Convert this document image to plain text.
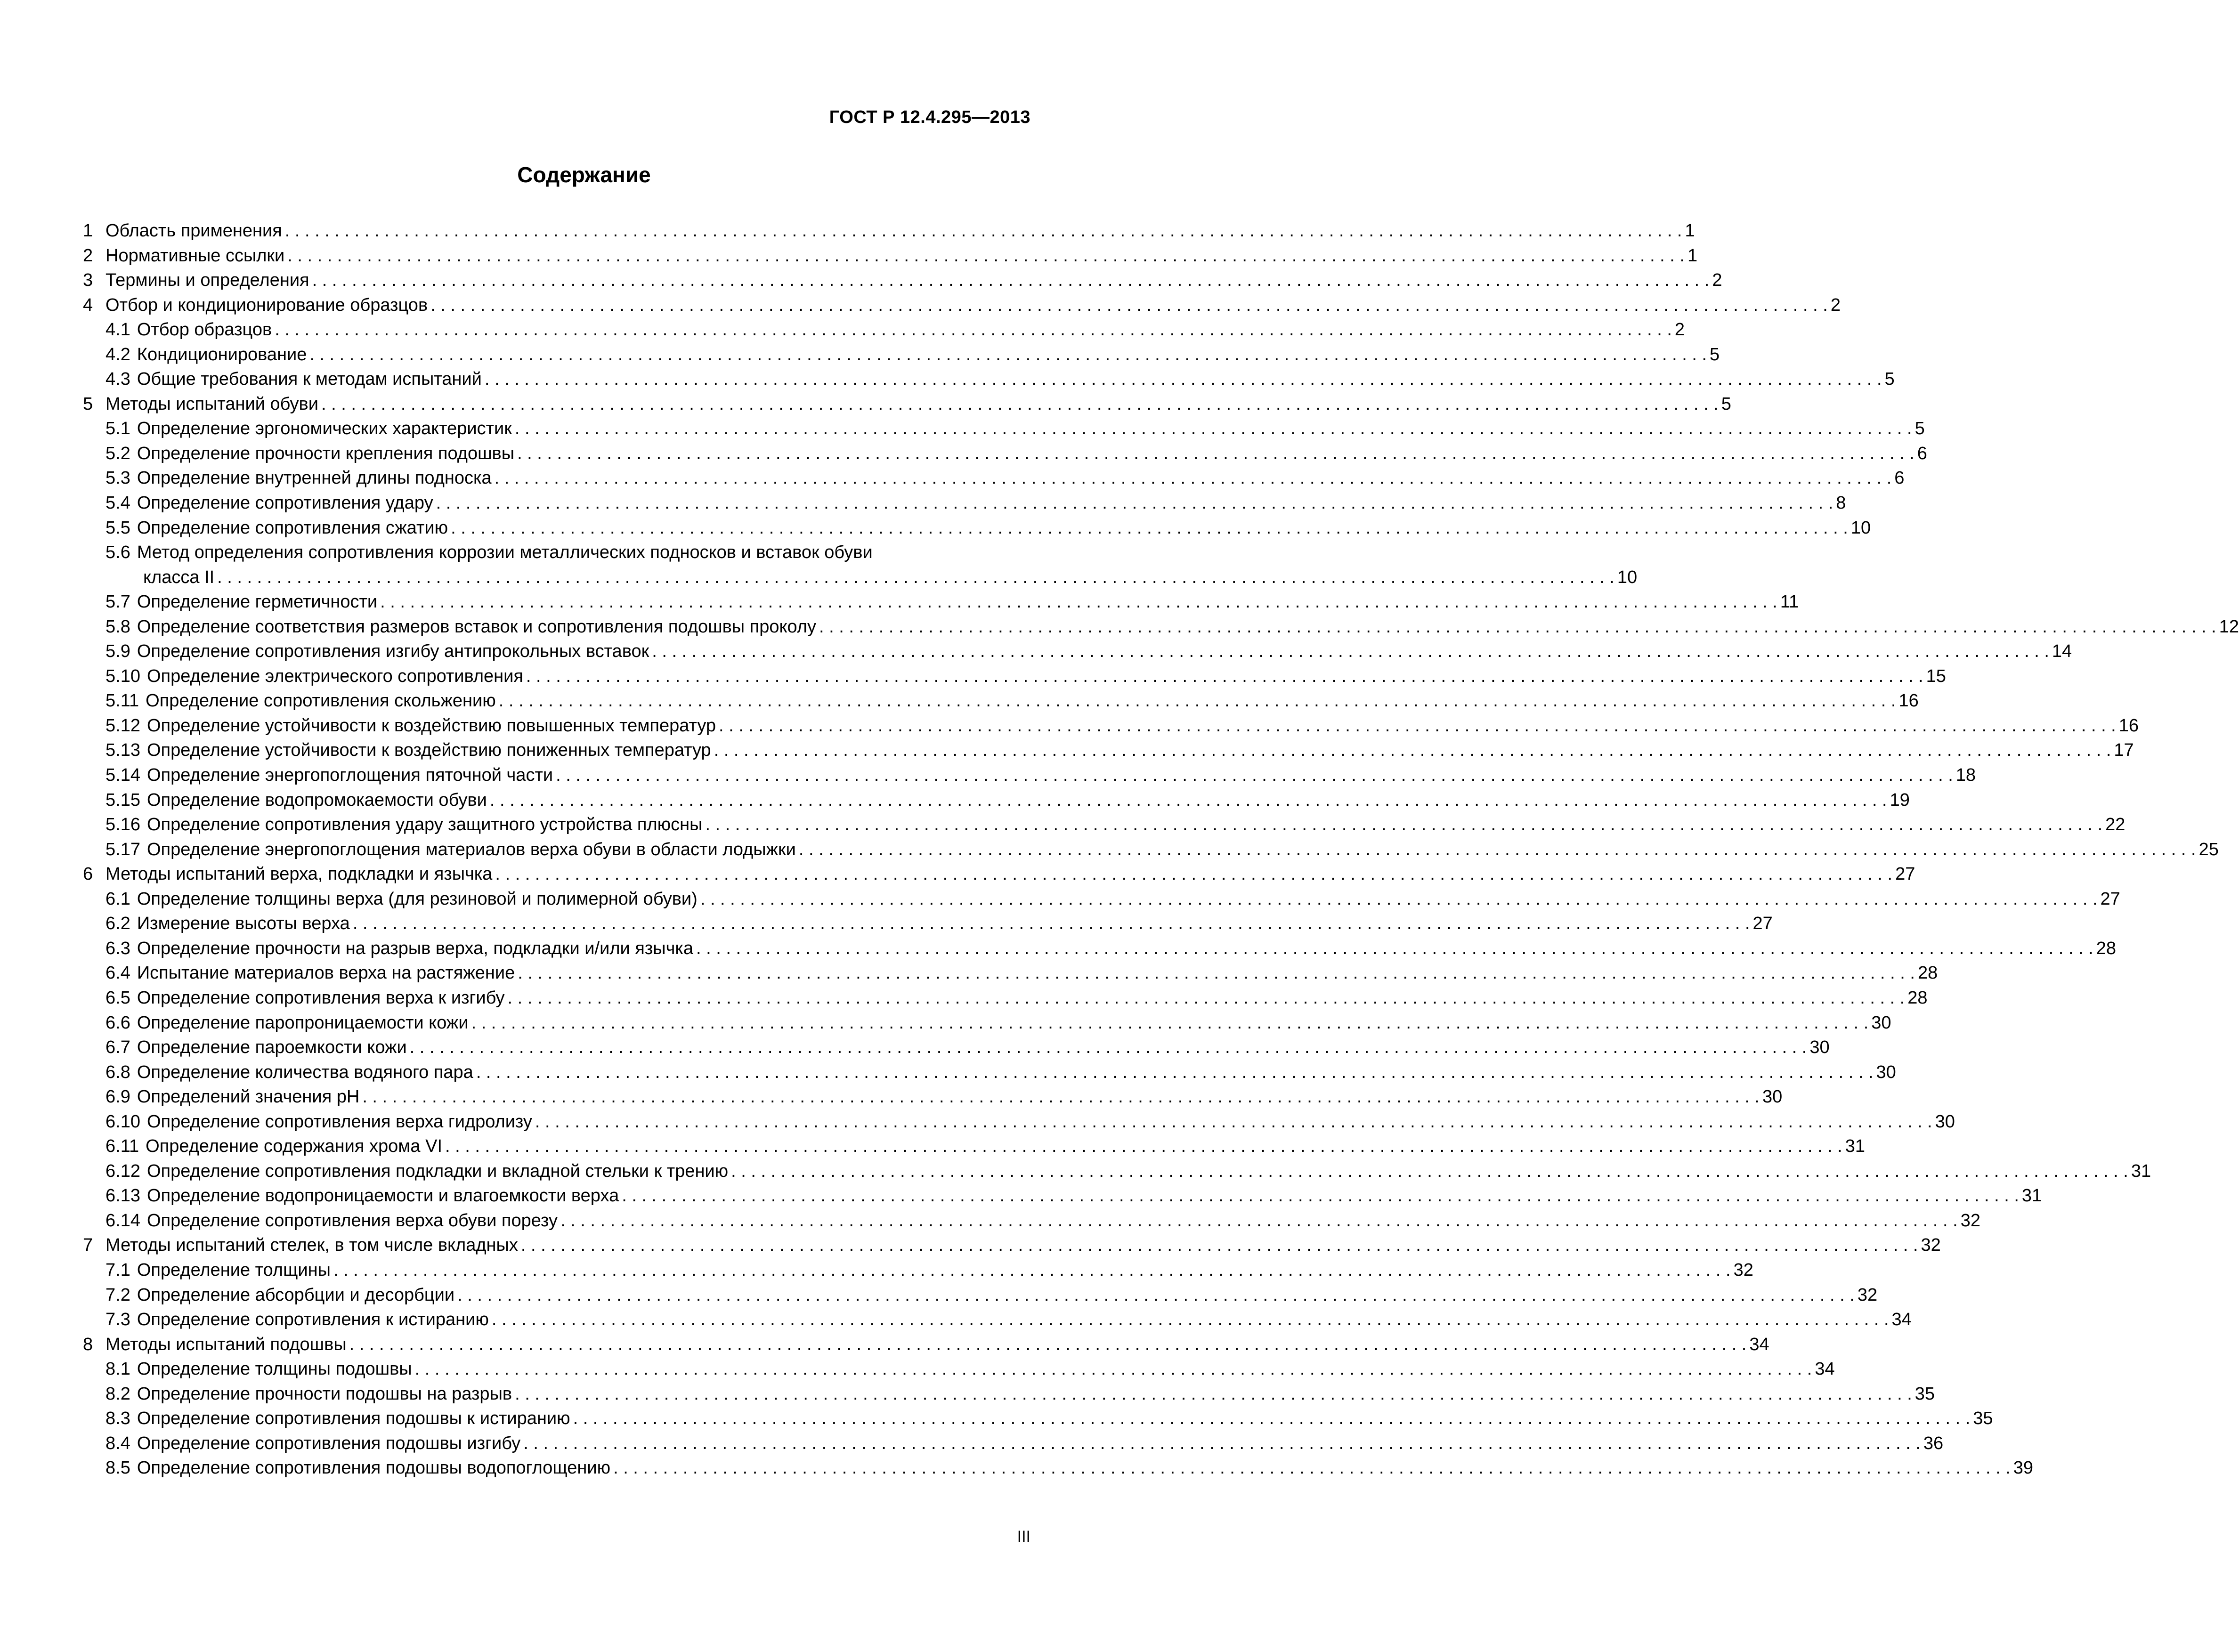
ГОСТ Р 12.4.295—2013
Содержание
1 Область применения . . .	1
2 Нормативные ссылки . . .	1
3 Термины и определения . . .	2
4 Отбор и кондиционирование образцов . . .	2
4.1 Отбор образцов . . .	2
4.2 Кондиционирование . . .	5
4.3 Общие требования к методам испытаний . . .	5
5 Методы испытаний обуви . . .	5
5.1 Определение эргономических характеристик . . .	5
5.2 Определение прочности крепления подошвы . . .	6
5.3 Определение внутренней длины подноска . . .	6
5.4 Определение сопротивления удару . . .	8
5.5 Определение сопротивления сжатию . . .	10
5.6 Метод определения сопротивления коррозии металлических подносков и вставок обуви
класса II . . .	10
5.7 Определение герметичности . . .	11
5.8 Определение соответствия размеров вставок и сопротивления подошвы проколу . . .	12
5.9 Определение сопротивления изгибу антипрокольных вставок . . .	14
5.10 Определение электрического сопротивления . . .	15
5.11 Определение сопротивления скольжению . . .	16
5.12 Определение устойчивости к воздействию повышенных температур . . .	16
5.13 Определение устойчивости к воздействию пониженных температур . . .	17
5.14 Определение энергопоглощения пяточной части . . .	18
5.15 Определение водопромокаемости обуви . . .	19
5.16 Определение сопротивления удару защитного устройства плюсны . . .	22
5.17 Определение энергопоглощения материалов верха обуви в области лодыжки . . .	25
6 Методы испытаний верха, подкладки и язычка . . .	27
6.1 Определение толщины верха (для резиновой и полимерной обуви) . . .	27
6.2 Измерение высоты верха . . .	27
6.3 Определение прочности на разрыв верха, подкладки и/или язычка . . .	28
6.4 Испытание материалов верха на растяжение . . .	28
6.5 Определение сопротивления верха к изгибу . . .	28
6.6 Определение паропроницаемости кожи . . .	30
6.7 Определение пароемкости кожи . . .	30
6.8 Определение количества водяного пара . . .	30
6.9 Определений значения pH . . .	30
6.10 Определение сопротивления верха гидролизу . . .	30
6.11 Определение содержания хрома VI . . .	31
6.12 Определение сопротивления подкладки и вкладной стельки к трению . . .	31
6.13 Определение водопроницаемости и влагоемкости верха . . .	31
6.14 Определение сопротивления верха обуви порезу . . .	32
7 Методы испытаний стелек, в том числе вкладных . . .	32
7.1 Определение толщины . . .	32
7.2 Определение абсорбции и десорбции . . .	32
7.3 Определение сопротивления к истиранию . . .	34
8 Методы испытаний подошвы . . .	34
8.1 Определение толщины подошвы . . .	34
8.2 Определение прочности подошвы на разрыв . . .	35
8.3 Определение сопротивления подошвы к истиранию . . .	35
8.4 Определение сопротивления подошвы изгибу . . .	36
8.5 Определение сопротивления подошвы водопоглощению . . .	39
III
